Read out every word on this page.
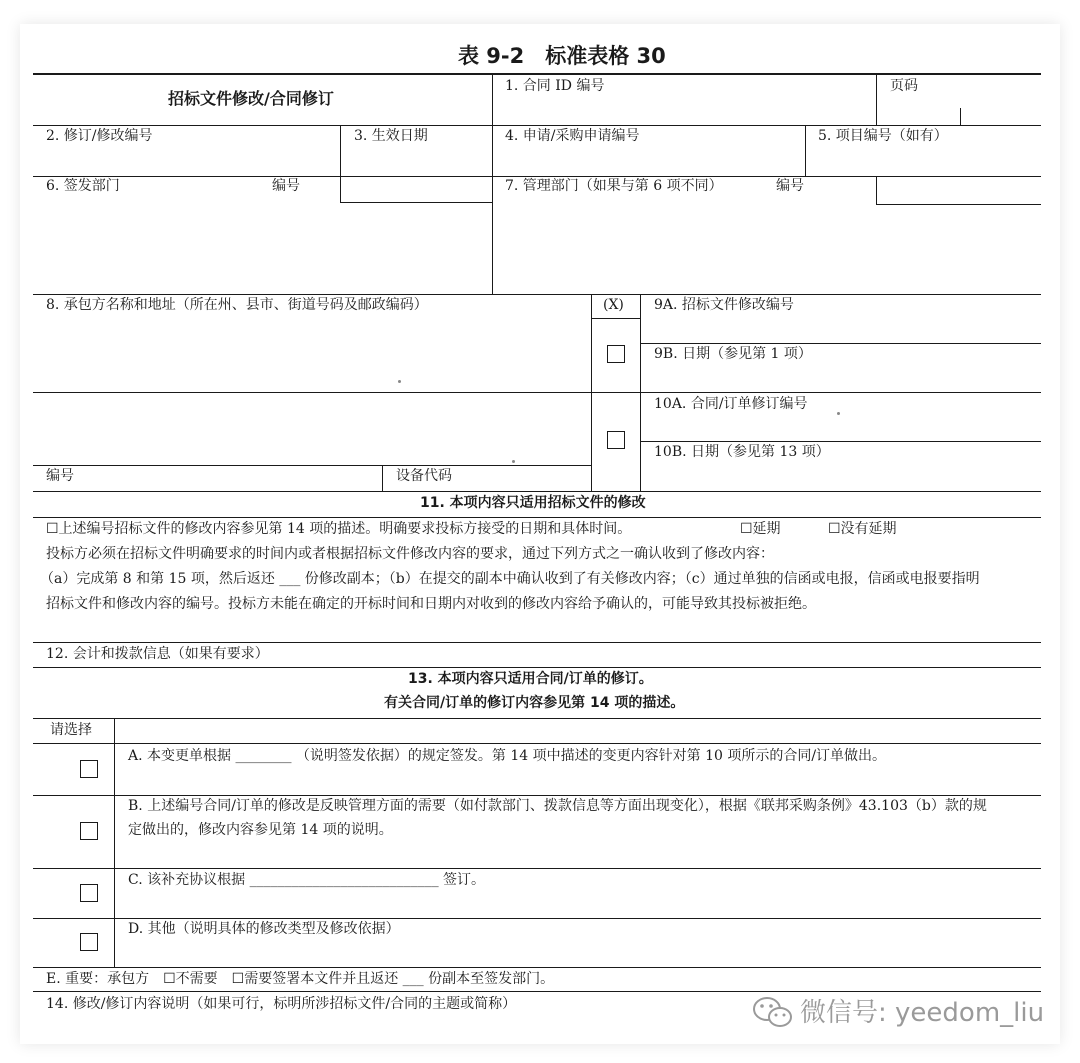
表 9-2　标准表格 30
招标文件修改/合同修订
1. 合同 ID 编号	页码
2. 修订/修改编号	3. 生效日期	4. 申请/采购申请编号	5. 项目编号（如有）
6. 签发部门	编号	7. 管理部门（如果与第 6 项不同）	编号
8. 承包方名称和地址（所在州、县市、街道号码及邮政编码）	(X) 9A. 招标文件修改编号
9B. 日期（参见第 1 项）
10A. 合同/订单修订编号
10B. 日期（参见第 13 项）
编号	设备代码
11. 本项内容只适用招标文件的修改
☐上述编号招标文件的修改内容参见第 14 项的描述。明确要求投标方接受的日期和具体时间。	☐延期	☐没有延期
投标方必须在招标文件明确要求的时间内或者根据招标文件修改内容的要求，通过下列方式之一确认收到了修改内容：
（a）完成第 8 和第 15 项，然后返还 ___ 份修改副本；（b）在提交的副本中确认收到了有关修改内容；（c）通过单独的信函或电报，信函或电报要指明
招标文件和修改内容的编号。投标方未能在确定的开标时间和日期内对收到的修改内容给予确认的，可能导致其投标被拒绝。
12. 会计和拨款信息（如果有要求）
13. 本项内容只适用合同/订单的修订。
有关合同/订单的修订内容参见第 14 项的描述。
请选择
A. 本变更单根据 ________ （说明签发依据）的规定签发。第 14 项中描述的变更内容针对第 10 项所示的合同/订单做出。
B. 上述编号合同/订单的修改是反映管理方面的需要（如付款部门、拨款信息等方面出现变化），根据《联邦采购条例》43.103（b）款的规
定做出的，修改内容参见第 14 项的说明。
C. 该补充协议根据 ___________________________ 签订。
D. 其他（说明具体的修改类型及修改依据）
E. 重要：承包方　☐不需要　☐需要签署本文件并且返还 ___ 份副本至签发部门。
14. 修改/修订内容说明（如果可行，标明所涉招标文件/合同的主题或简称）	微信号: yeedom_liu
